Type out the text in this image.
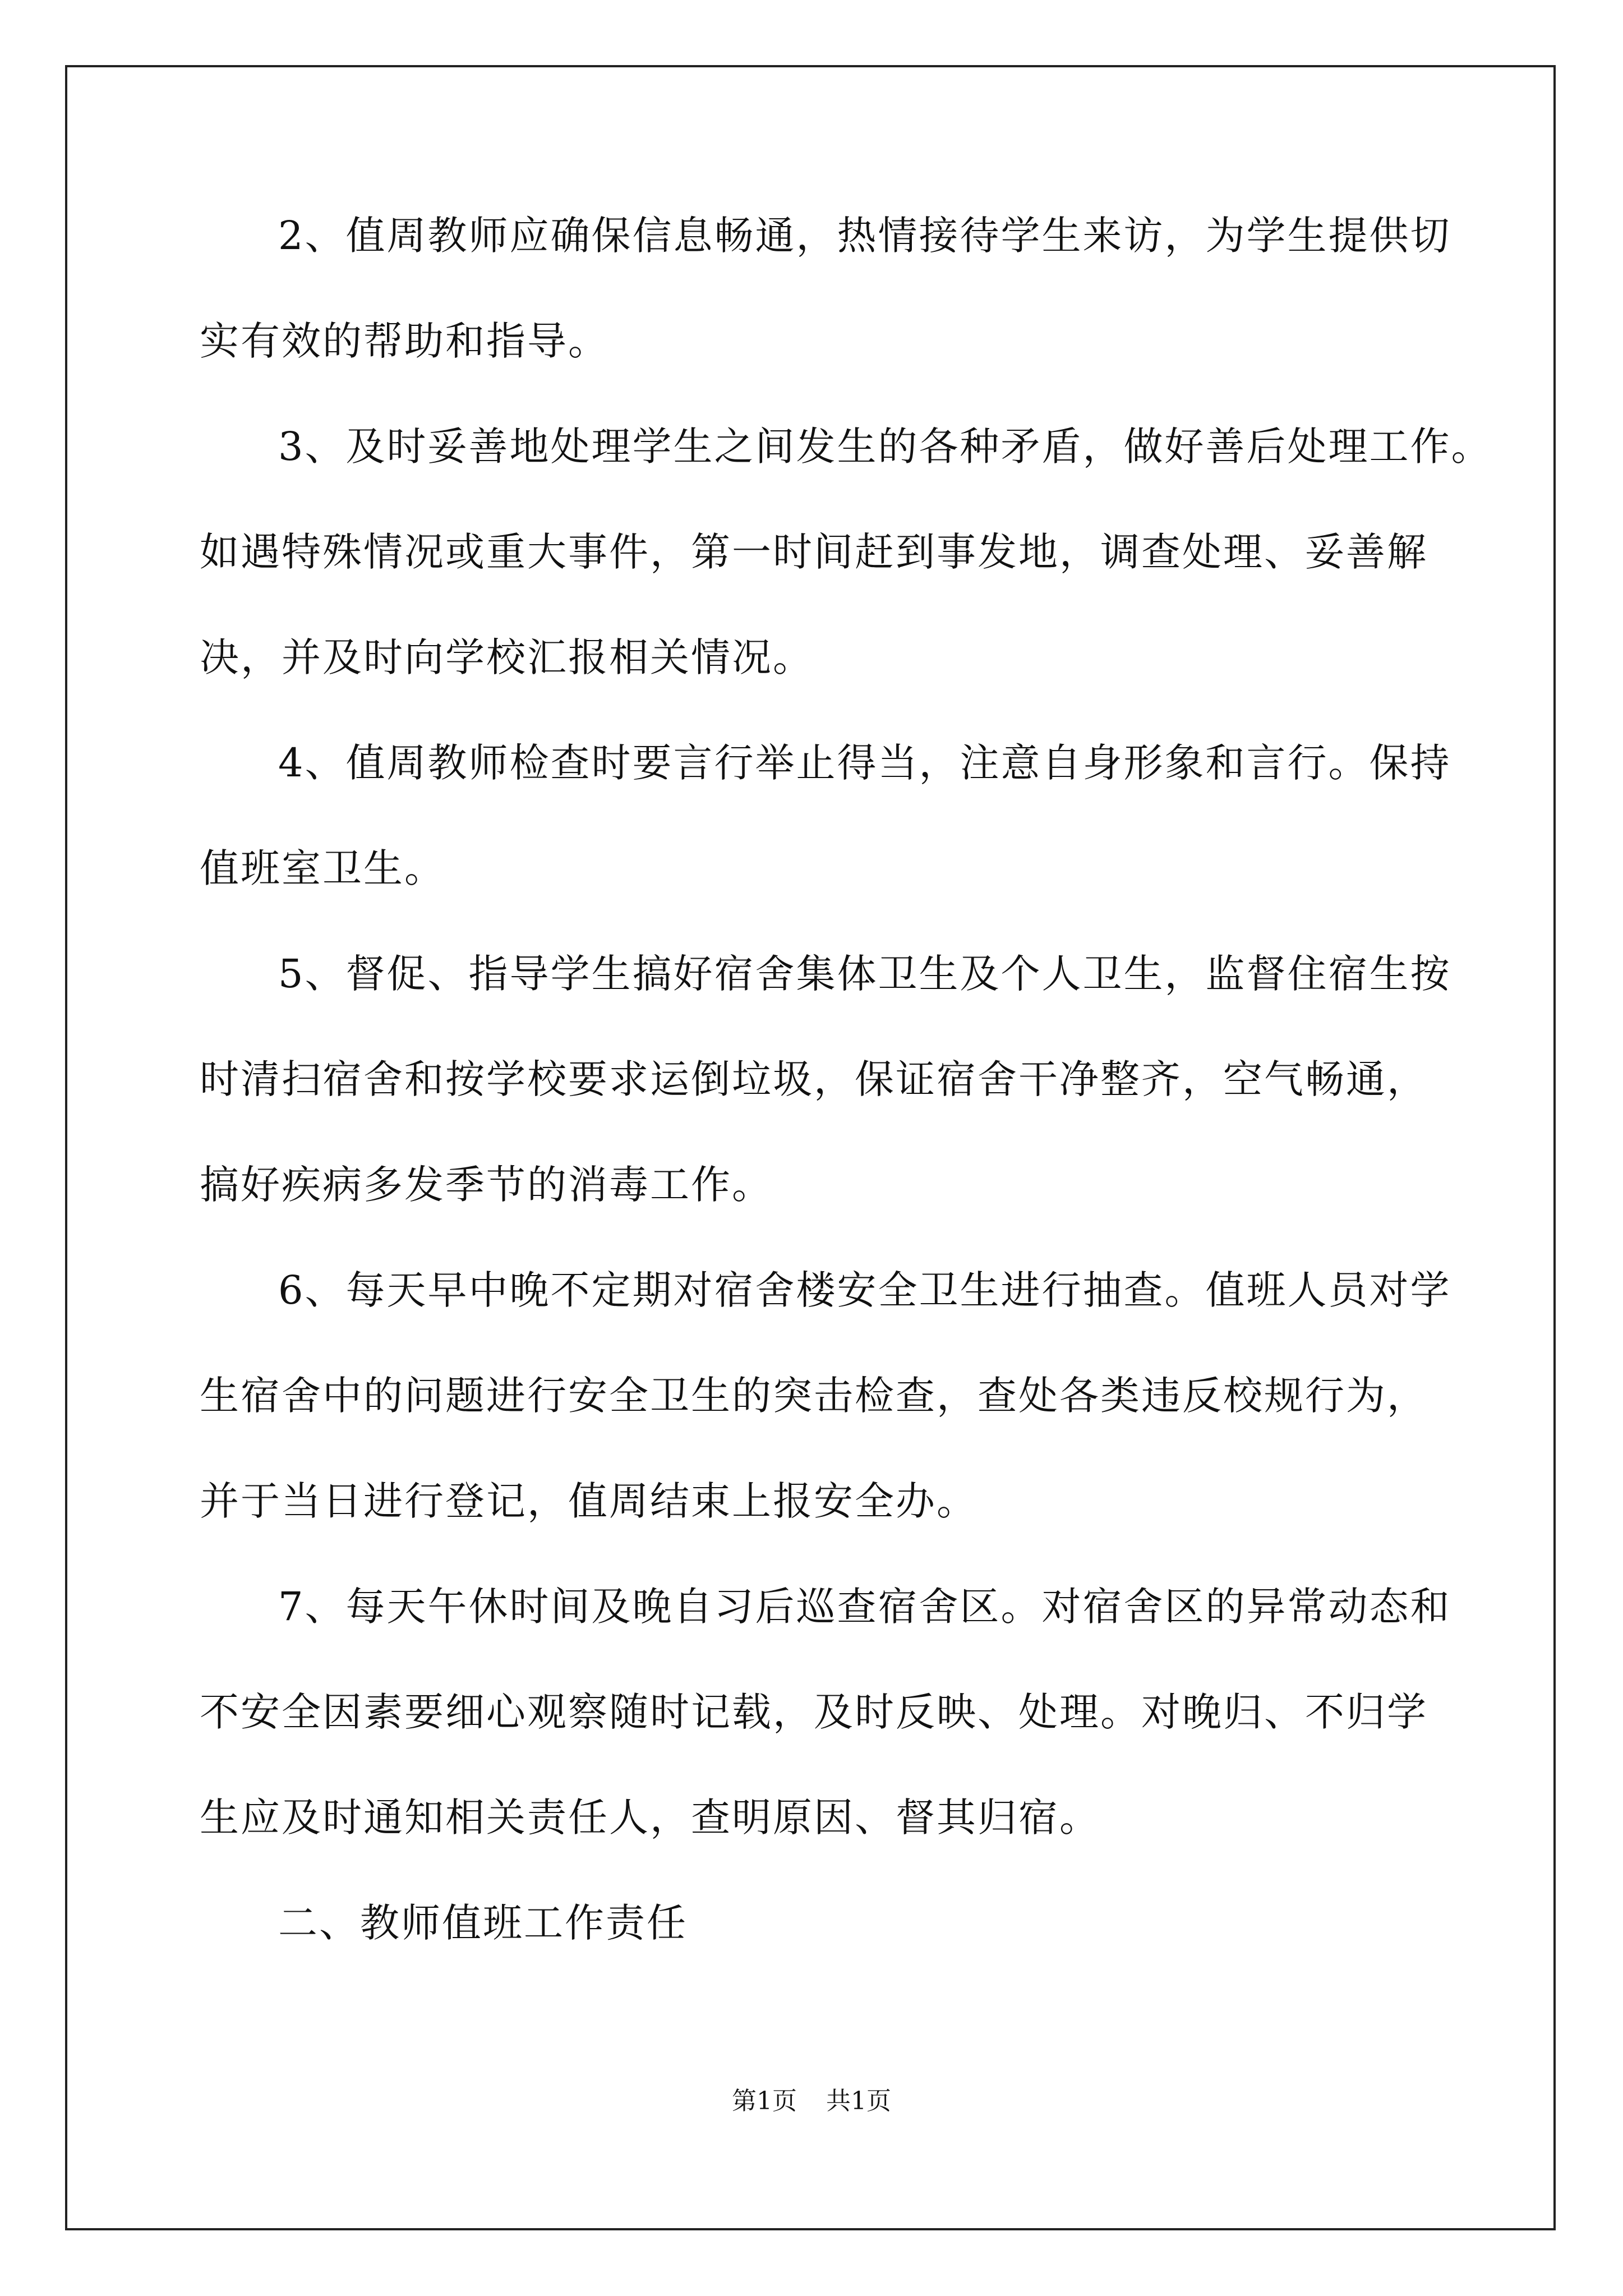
2、值周教师应确保信息畅通，热情接待学生来访，为学生提供切
实有效的帮助和指导。
3、及时妥善地处理学生之间发生的各种矛盾，做好善后处理工作。
如遇特殊情况或重大事件，第一时间赶到事发地，调查处理、妥善解
决，并及时向学校汇报相关情况。
4、值周教师检查时要言行举止得当，注意自身形象和言行。保持
值班室卫生。
5、督促、指导学生搞好宿舍集体卫生及个人卫生，监督住宿生按
时清扫宿舍和按学校要求运倒垃圾，保证宿舍干净整齐，空气畅通，
搞好疾病多发季节的消毒工作。
6、每天早中晚不定期对宿舍楼安全卫生进行抽查。值班人员对学
生宿舍中的问题进行安全卫生的突击检查，查处各类违反校规行为，
并于当日进行登记，值周结束上报安全办。
7、每天午休时间及晚自习后巡查宿舍区。对宿舍区的异常动态和
不安全因素要细心观察随时记载，及时反映、处理。对晚归、不归学
生应及时通知相关责任人，查明原因、督其归宿。
二、教师值班工作责任
第1页 共1页
